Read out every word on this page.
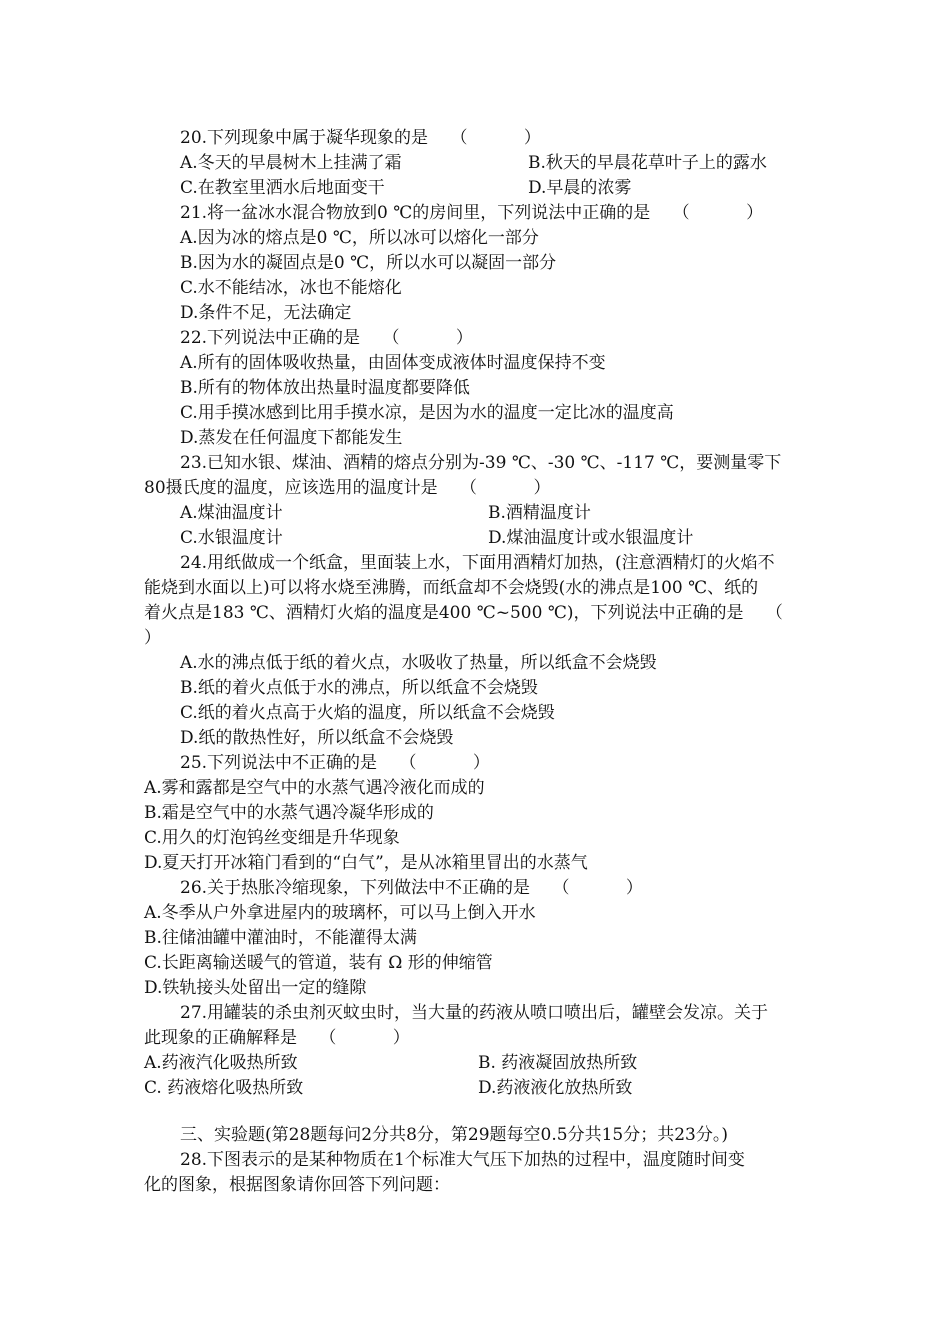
20.下列现象中属于凝华现象的是　 （　　　 ）
A.冬天的早晨树木上挂满了霜	B.秋天的早晨花草叶子上的露水
C.在教室里洒水后地面变干	D.早晨的浓雾
21.将一盆冰水混合物放到0 ℃的房间里，下列说法中正确的是　 （　　　 ）
A.因为冰的熔点是0 ℃，所以冰可以熔化一部分
B.因为水的凝固点是0 ℃，所以水可以凝固一部分
C.水不能结冰，冰也不能熔化
D.条件不足，无法确定
22.下列说法中正确的是　 （　　　 ）
A.所有的固体吸收热量，由固体变成液体时温度保持不变
B.所有的物体放出热量时温度都要降低
C.用手摸冰感到比用手摸水凉，是因为水的温度一定比冰的温度高
D.蒸发在任何温度下都能发生
23.已知水银、煤油、酒精的熔点分别为-39 ℃、-30 ℃、-117 ℃，要测量零下
80摄氏度的温度，应该选用的温度计是　 （　　　 ）
A.煤油温度计	B.酒精温度计
C.水银温度计	D.煤油温度计或水银温度计
24.用纸做成一个纸盒，里面装上水，下面用酒精灯加热，(注意酒精灯的火焰不
能烧到水面以上)可以将水烧至沸腾，而纸盒却不会烧毁(水的沸点是100 ℃、纸的
着火点是183 ℃、酒精灯火焰的温度是400 ℃~500 ℃)，下列说法中正确的是　 （
）
A.水的沸点低于纸的着火点，水吸收了热量，所以纸盒不会烧毁
B.纸的着火点低于水的沸点，所以纸盒不会烧毁
C.纸的着火点高于火焰的温度，所以纸盒不会烧毁
D.纸的散热性好，所以纸盒不会烧毁
25.下列说法中不正确的是　 （　　　 ）
A.雾和露都是空气中的水蒸气遇冷液化而成的
B.霜是空气中的水蒸气遇冷凝华形成的
C.用久的灯泡钨丝变细是升华现象
D.夏天打开冰箱门看到的“白气”，是从冰箱里冒出的水蒸气
26.关于热胀冷缩现象，下列做法中不正确的是　 （　　　 ）
A.冬季从户外拿进屋内的玻璃杯，可以马上倒入开水
B.往储油罐中灌油时，不能灌得太满
C.长距离输送暖气的管道，装有 Ω 形的伸缩管
D.铁轨接头处留出一定的缝隙
27.用罐装的杀虫剂灭蚊虫时，当大量的药液从喷口喷出后，罐壁会发凉。关于
此现象的正确解释是　 （　　　 ）
A.药液汽化吸热所致	B. 药液凝固放热所致
C. 药液熔化吸热所致	D.药液液化放热所致
三、实验题(第28题每问2分共8分，第29题每空0.5分共15分；共23分。)
28.下图表示的是某种物质在1个标准大气压下加热的过程中，温度随时间变
化的图象，根据图象请你回答下列问题：
